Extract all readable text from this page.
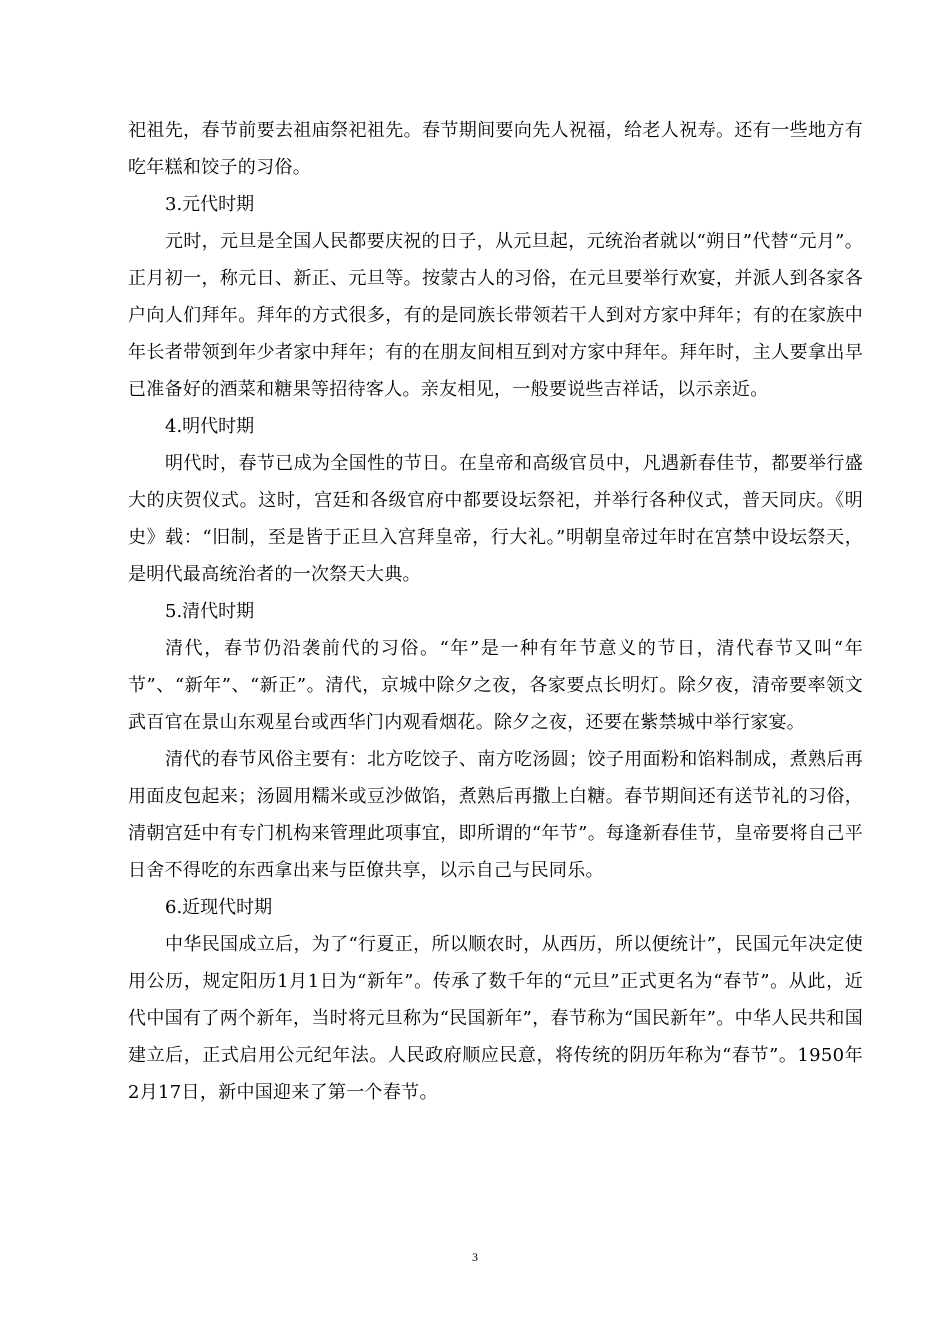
祀祖先，春节前要去祖庙祭祀祖先。春节期间要向先人祝福，给老人祝寿。还有一些地方有吃年糕和饺子的习俗。

3.元代时期

元时，元旦是全国人民都要庆祝的日子，从元旦起，元统治者就以“朔日”代替“元月”。正月初一，称元日、新正、元旦等。按蒙古人的习俗，在元旦要举行欢宴，并派人到各家各户向人们拜年。拜年的方式很多，有的是同族长带领若干人到对方家中拜年；有的在家族中年长者带领到年少者家中拜年；有的在朋友间相互到对方家中拜年。拜年时，主人要拿出早已准备好的酒菜和糖果等招待客人。亲友相见，一般要说些吉祥话，以示亲近。

4.明代时期

明代时，春节已成为全国性的节日。在皇帝和高级官员中，凡遇新春佳节，都要举行盛大的庆贺仪式。这时，宫廷和各级官府中都要设坛祭祀，并举行各种仪式，普天同庆。《明史》载：“旧制，至是皆于正旦入宫拜皇帝，行大礼。”明朝皇帝过年时在宫禁中设坛祭天，是明代最高统治者的一次祭天大典。

5.清代时期

清代，春节仍沿袭前代的习俗。“年”是一种有年节意义的节日，清代春节又叫“年节”、“新年”、“新正”。清代，京城中除夕之夜，各家要点长明灯。除夕夜，清帝要率领文武百官在景山东观星台或西华门内观看烟花。除夕之夜，还要在紫禁城中举行家宴。

清代的春节风俗主要有：北方吃饺子、南方吃汤圆；饺子用面粉和馅料制成，煮熟后再用面皮包起来；汤圆用糯米或豆沙做馅，煮熟后再撒上白糖。春节期间还有送节礼的习俗，清朝宫廷中有专门机构来管理此项事宜，即所谓的“年节”。每逢新春佳节，皇帝要将自己平日舍不得吃的东西拿出来与臣僚共享，以示自己与民同乐。

6.近现代时期

中华民国成立后，为了“行夏正，所以顺农时，从西历，所以便统计”，民国元年决定使用公历，规定阳历1月1日为“新年”。传承了数千年的“元旦”正式更名为“春节”。从此，近代中国有了两个新年，当时将元旦称为“民国新年”，春节称为“国民新年”。中华人民共和国建立后，正式启用公元纪年法。人民政府顺应民意，将传统的阴历年称为“春节”。1950年2月17日，新中国迎来了第一个春节。

3
